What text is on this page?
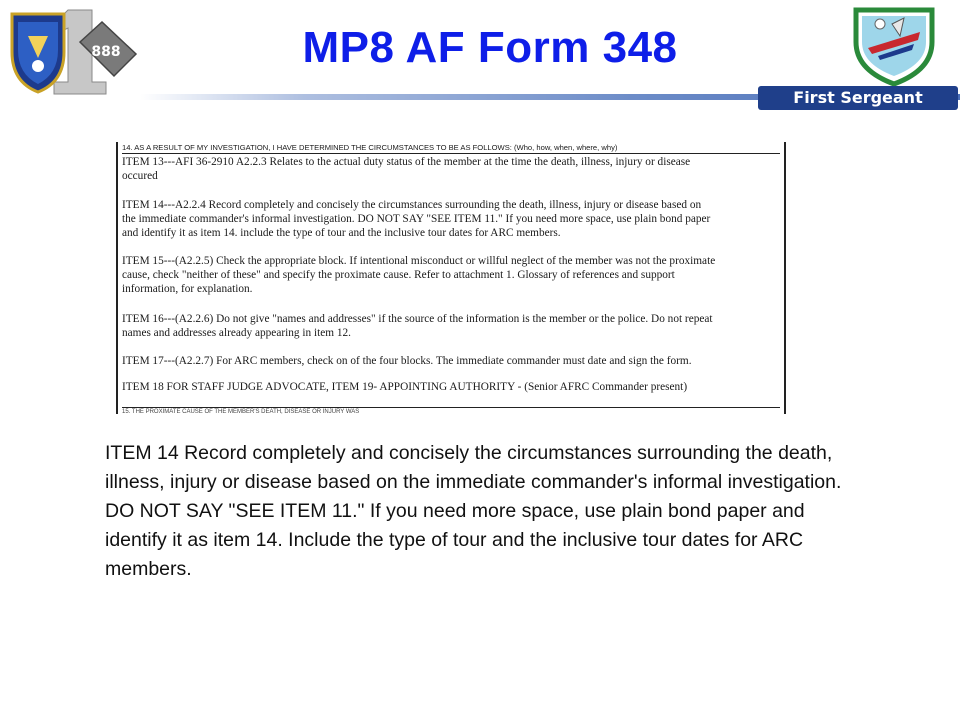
888	MP8 AF Form 348
First Sergeant Academy
14. AS A RESULT OF MY INVESTIGATION, I HAVE DETERMINED THE CIRCUMSTANCES TO BE AS FOLLOWS: (Who, how, when, where, why)
ITEM 13---AFI 36-2910 A2.2.3 Relates to the actual duty status of the member at the time the death, illness, injury or disease
occured
ITEM 14---A2.2.4 Record completely and concisely the circumstances surrounding the death, illness, injury or disease based on
the immediate commander's informal investigation. DO NOT SAY "SEE ITEM 11." If you need more space, use plain bond paper
and identify it as item 14. include the type of tour and the inclusive tour dates for ARC members.
ITEM 15---(A2.2.5) Check the appropriate block. If intentional misconduct or willful neglect of the member was not the proximate
cause, check "neither of these" and specify the proximate cause. Refer to attachment 1. Glossary of references and support
information, for explanation.
ITEM 16---(A2.2.6) Do not give "names and addresses" if the source of the information is the member or the police. Do not repeat
names and addresses already appearing in item 12.
ITEM 17---(A2.2.7) For ARC members, check on of the four blocks. The immediate commander must date and sign the form.
ITEM 18 FOR STAFF JUDGE ADVOCATE, ITEM 19- APPOINTING AUTHORITY - (Senior AFRC Commander present)
15. THE PROXIMATE CAUSE OF THE MEMBER'S DEATH, DISEASE OR INJURY WAS
ITEM 14 Record completely and concisely the circumstances surrounding the death, illness, injury or disease based on the immediate commander's informal investigation. DO NOT SAY "SEE ITEM 11." If you need more space, use plain bond paper and identify it as item 14. Include the type of tour and the inclusive tour dates for ARC members.
